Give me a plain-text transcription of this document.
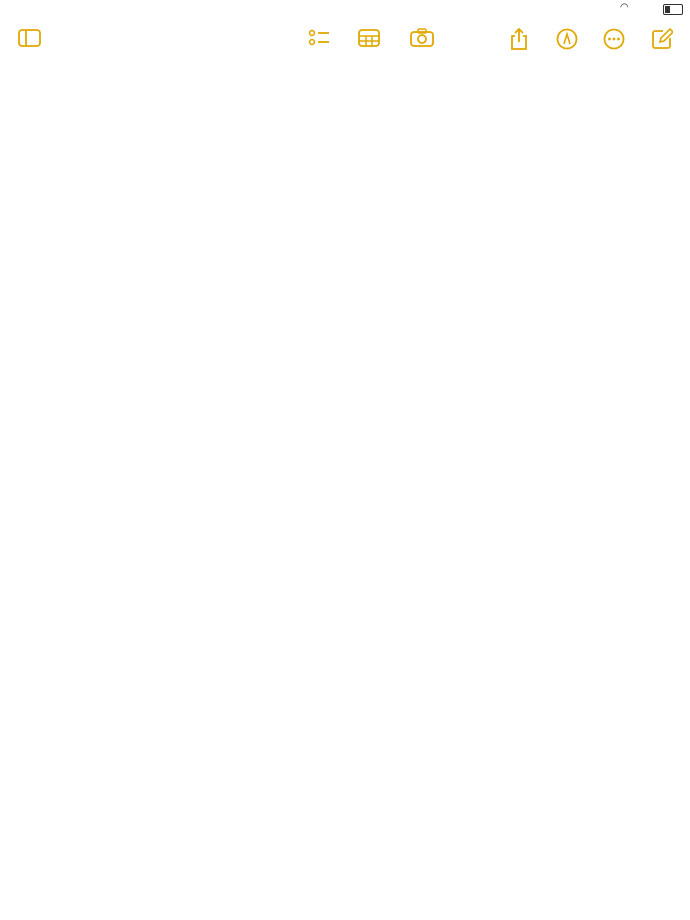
◠
